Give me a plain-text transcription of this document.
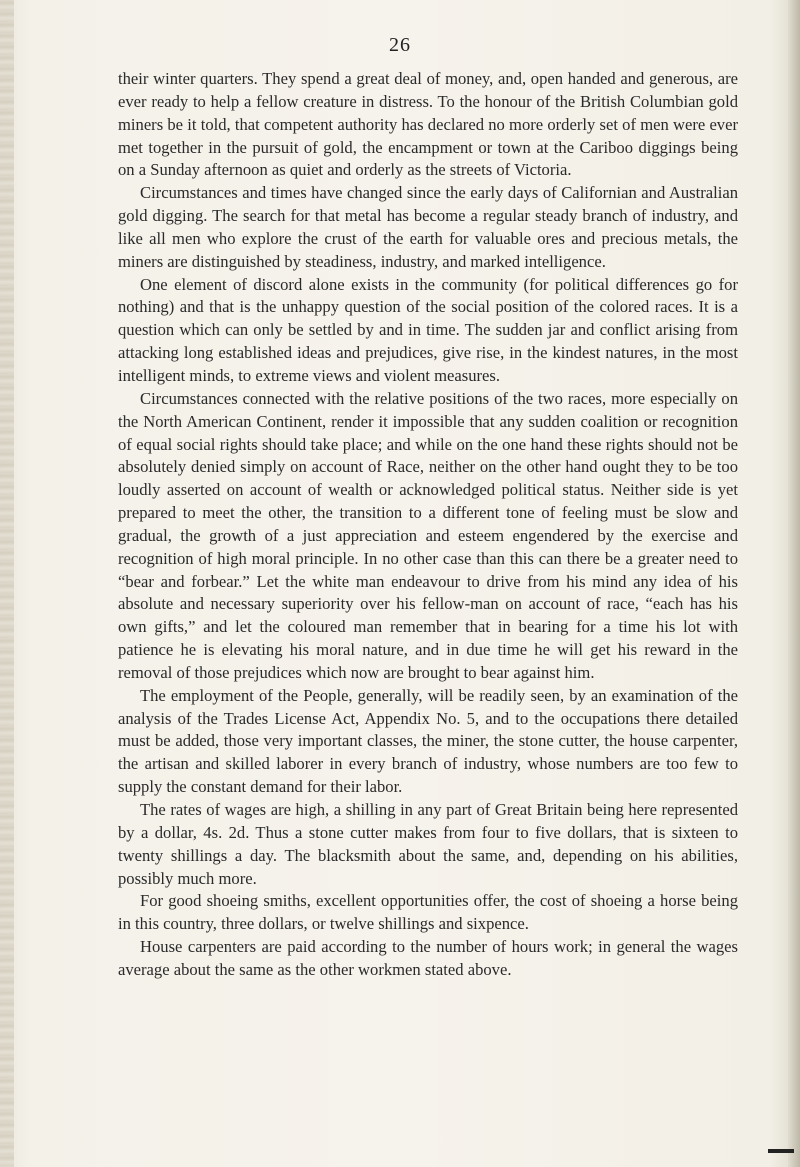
26

their winter quarters. They spend a great deal of money, and, open handed and generous, are ever ready to help a fellow creature in distress. To the honour of the British Columbian gold miners be it told, that competent authority has declared no more orderly set of men were ever met together in the pursuit of gold, the encampment or town at the Cariboo diggings being on a Sunday afternoon as quiet and orderly as the streets of Victoria.

Circumstances and times have changed since the early days of Californian and Australian gold digging. The search for that metal has become a regular steady branch of industry, and like all men who explore the crust of the earth for valuable ores and precious metals, the miners are distinguished by steadiness, industry, and marked intelligence.

One element of discord alone exists in the community (for political differences go for nothing) and that is the unhappy question of the social position of the colored races. It is a question which can only be settled by and in time. The sudden jar and conflict arising from attacking long established ideas and prejudices, give rise, in the kindest natures, in the most intelligent minds, to extreme views and violent measures.

Circumstances connected with the relative positions of the two races, more especially on the North American Continent, render it impossible that any sudden coalition or recognition of equal social rights should take place; and while on the one hand these rights should not be absolutely denied simply on account of Race, neither on the other hand ought they to be too loudly asserted on account of wealth or acknowledged political status. Neither side is yet prepared to meet the other, the transition to a different tone of feeling must be slow and gradual, the growth of a just appreciation and esteem engendered by the exercise and recognition of high moral principle. In no other case than this can there be a greater need to “bear and forbear.” Let the white man endeavour to drive from his mind any idea of his absolute and necessary superiority over his fellow-man on account of race, “each has his own gifts,” and let the coloured man remember that in bearing for a time his lot with patience he is elevating his moral nature, and in due time he will get his reward in the removal of those prejudices which now are brought to bear against him.

The employment of the People, generally, will be readily seen, by an examination of the analysis of the Trades License Act, Appendix No. 5, and to the occupations there detailed must be added, those very important classes, the miner, the stone cutter, the house carpenter, the artisan and skilled laborer in every branch of industry, whose numbers are too few to supply the constant demand for their labor.

The rates of wages are high, a shilling in any part of Great Britain being here represented by a dollar, 4s. 2d. Thus a stone cutter makes from four to five dollars, that is sixteen to twenty shillings a day. The blacksmith about the same, and, depending on his abilities, possibly much more.

For good shoeing smiths, excellent opportunities offer, the cost of shoeing a horse being in this country, three dollars, or twelve shillings and sixpence.

House carpenters are paid according to the number of hours work; in general the wages average about the same as the other workmen stated above.
